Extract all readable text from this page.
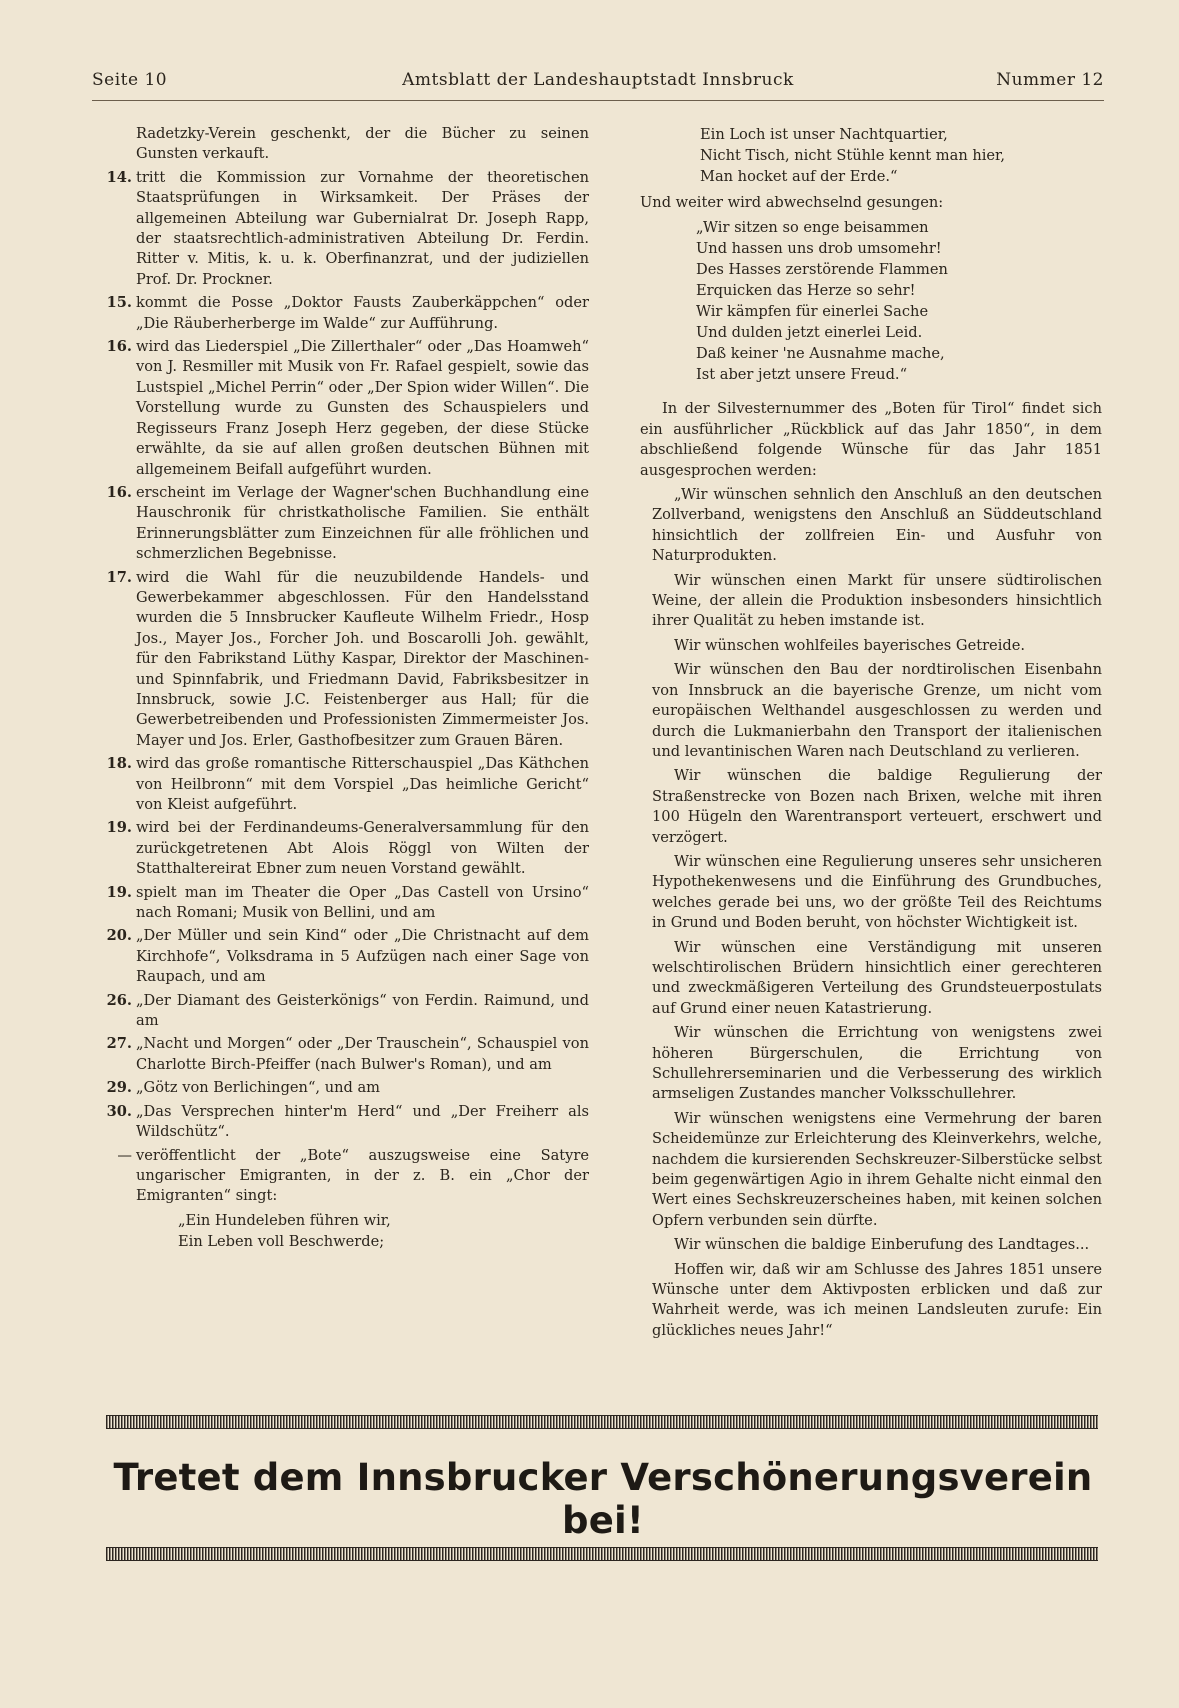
Seite 10	Amtsblatt der Landeshauptstadt Innsbruck	Nummer 12
Radetzky-Verein geschenkt, der die Bücher zu seinen Gunsten verkauft.
14. tritt die Kommission zur Vornahme der theoretischen Staatsprüfungen in Wirksamkeit. Der Präses der allgemeinen Abteilung war Gubernialrat Dr. Joseph Rapp, der staatsrechtlich-administrativen Abteilung Dr. Ferdin. Ritter v. Mitis, k. u. k. Oberfinanzrat, und der judiziellen Prof. Dr. Prockner.
15. kommt die Posse „Doktor Fausts Zauberkäppchen“ oder „Die Räuberherberge im Walde“ zur Aufführung.
16. wird das Liederspiel „Die Zillerthaler“ oder „Das Hoamweh“ von J. Resmiller mit Musik von Fr. Rafael gespielt, sowie das Lustspiel „Michel Perrin“ oder „Der Spion wider Willen“. Die Vorstellung wurde zu Gunsten des Schauspielers und Regisseurs Franz Joseph Herz gegeben, der diese Stücke erwählte, da sie auf allen großen deutschen Bühnen mit allgemeinem Beifall aufgeführt wurden.
16. erscheint im Verlage der Wagner'schen Buchhandlung eine Hauschronik für christkatholische Familien. Sie enthält Erinnerungsblätter zum Einzeichnen für alle fröhlichen und schmerzlichen Begebnisse.
17. wird die Wahl für die neuzubildende Handels- und Gewerbekammer abgeschlossen. Für den Handelsstand wurden die 5 Innsbrucker Kaufleute Wilhelm Friedr., Hosp Jos., Mayer Jos., Forcher Joh. und Boscarolli Joh. gewählt, für den Fabrikstand Lüthy Kaspar, Direktor der Maschinen- und Spinnfabrik, und Friedmann David, Fabriksbesitzer in Innsbruck, sowie J.C. Feistenberger aus Hall; für die Gewerbetreibenden und Professionisten Zimmermeister Jos. Mayer und Jos. Erler, Gasthofbesitzer zum Grauen Bären.
18. wird das große romantische Ritterschauspiel „Das Käthchen von Heilbronn“ mit dem Vorspiel „Das heimliche Gericht“ von Kleist aufgeführt.
19. wird bei der Ferdinandeums-Generalversammlung für den zurückgetretenen Abt Alois Röggl von Wilten der Statthaltereirat Ebner zum neuen Vorstand gewählt.
19. spielt man im Theater die Oper „Das Castell von Ursino“ nach Romani; Musik von Bellini, und am
20. „Der Müller und sein Kind“ oder „Die Christnacht auf dem Kirchhofe“, Volksdrama in 5 Aufzügen nach einer Sage von Raupach, und am
26. „Der Diamant des Geisterkönigs“ von Ferdin. Raimund, und am
27. „Nacht und Morgen“ oder „Der Trauschein“, Schauspiel von Charlotte Birch-Pfeiffer (nach Bulwer's Roman), und am
29. „Götz von Berlichingen“, und am
30. „Das Versprechen hinter'm Herd“ und „Der Freiherr als Wildschütz“.
— veröffentlicht der „Bote“ auszugsweise eine Satyre ungarischer Emigranten, in der z. B. ein „Chor der Emigranten“ singt:
„Ein Hundeleben führen wir,
Ein Leben voll Beschwerde;
Ein Loch ist unser Nachtquartier,
Nicht Tisch, nicht Stühle kennt man hier,
Man hocket auf der Erde.“

Und weiter wird abwechselnd gesungen:

„Wir sitzen so enge beisammen
Und hassen uns drob umsomehr!
Des Hasses zerstörende Flammen
Erquicken das Herze so sehr!
Wir kämpfen für einerlei Sache
Und dulden jetzt einerlei Leid.
Daß keiner 'ne Ausnahme mache,
Ist aber jetzt unsere Freud.“

In der Silvesternummer des „Boten für Tirol“ findet sich ein ausführlicher „Rückblick auf das Jahr 1850“, in dem abschließend folgende Wünsche für das Jahr 1851 ausgesprochen werden:

„Wir wünschen sehnlich den Anschluß an den deutschen Zollverband, wenigstens den Anschluß an Süddeutschland hinsichtlich der zollfreien Ein- und Ausfuhr von Naturprodukten.

Wir wünschen einen Markt für unsere südtirolischen Weine, der allein die Produktion insbesonders hinsichtlich ihrer Qualität zu heben imstande ist.

Wir wünschen wohlfeiles bayerisches Getreide.

Wir wünschen den Bau der nordtirolischen Eisenbahn von Innsbruck an die bayerische Grenze, um nicht vom europäischen Welthandel ausgeschlossen zu werden und durch die Lukmanierbahn den Transport der italienischen und levantinischen Waren nach Deutschland zu verlieren.

Wir wünschen die baldige Regulierung der Straßenstrecke von Bozen nach Brixen, welche mit ihren 100 Hügeln den Warentransport verteuert, erschwert und verzögert.

Wir wünschen eine Regulierung unseres sehr unsicheren Hypothekenwesens und die Einführung des Grundbuches, welches gerade bei uns, wo der größte Teil des Reichtums in Grund und Boden beruht, von höchster Wichtigkeit ist.

Wir wünschen eine Verständigung mit unseren welschtirolischen Brüdern hinsichtlich einer gerechteren und zweckmäßigeren Verteilung des Grundsteuerpostulats auf Grund einer neuen Katastrierung.

Wir wünschen die Errichtung von wenigstens zwei höheren Bürgerschulen, die Errichtung von Schullehrerseminarien und die Verbesserung des wirklich armseligen Zustandes mancher Volksschullehrer.

Wir wünschen wenigstens eine Vermehrung der baren Scheidemünze zur Erleichterung des Kleinverkehrs, welche, nachdem die kursierenden Sechskreuzer-Silberstücke selbst beim gegenwärtigen Agio in ihrem Gehalte nicht einmal den Wert eines Sechskreuzerscheines haben, mit keinen solchen Opfern verbunden sein dürfte.

Wir wünschen die baldige Einberufung des Landtages...

Hoffen wir, daß wir am Schlusse des Jahres 1851 unsere Wünsche unter dem Aktivposten erblicken und daß zur Wahrheit werde, was ich meinen Landsleuten zurufe: Ein glückliches neues Jahr!“

Tretet dem Innsbrucker Verschönerungsverein bei!
